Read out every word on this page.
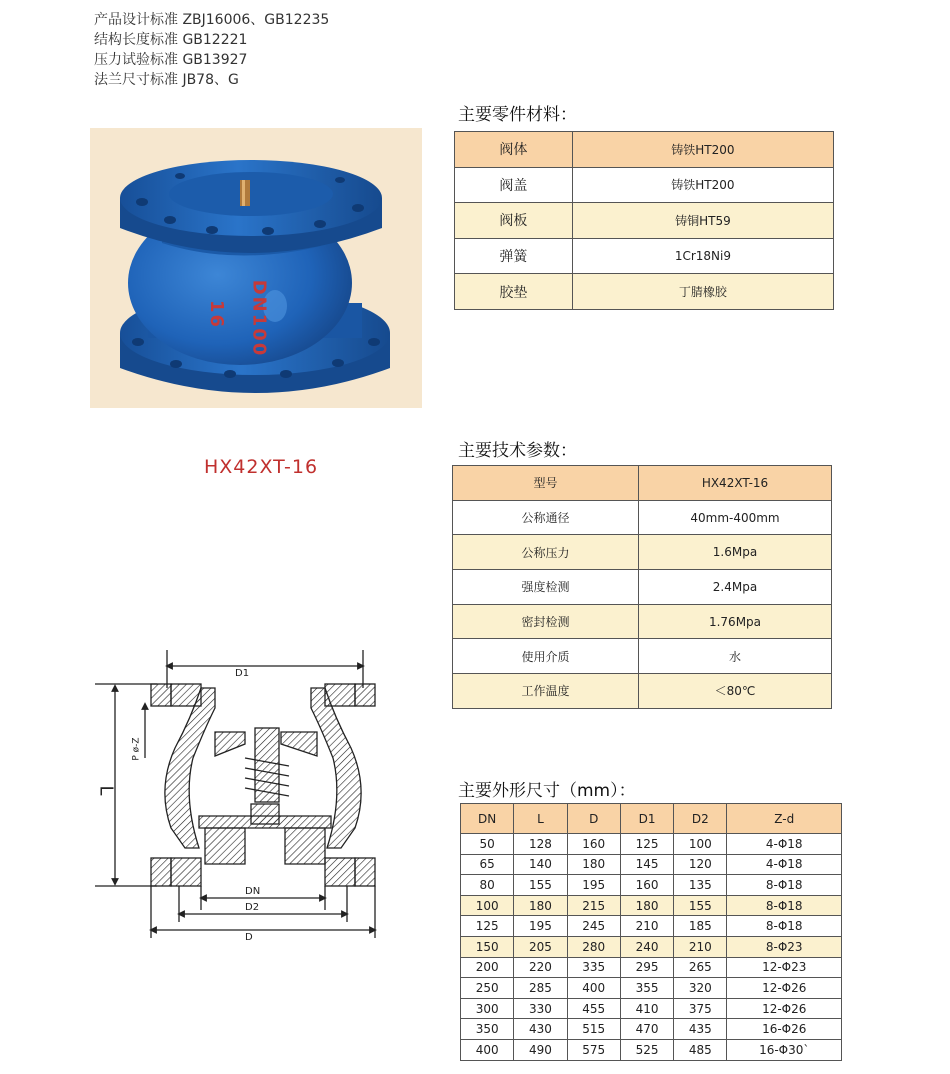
产品设计标准 ZBJ16006、GB12235
结构长度标准 GB12221
压力试验标准 GB13927
法兰尺寸标准 JB78、G
16 DN100
HX42XT-16
主要零件材料：
阀体	铸铁HT200
阀盖	铸铁HT200
阀板	铸铜HT59
弹簧	1Cr18Ni9
胶垫	丁腈橡胶
主要技术参数：
型号	HX42XT-16
公称通径	40mm-400mm
公称压力	1.6Mpa
强度检测	2.4Mpa
密封检测	1.76Mpa
使用介质	水
工作温度	＜80℃
D1
L
P ø-Z
DN
D2
D
主要外形尺寸（mm）：
DN	L	D	D1	D2	Z-d
50	128	160	125	100	4-Φ18
65	140	180	145	120	4-Φ18
80	155	195	160	135	8-Φ18
100	180	215	180	155	8-Φ18
125	195	245	210	185	8-Φ18
150	205	280	240	210	8-Φ23
200	220	335	295	265	12-Φ23
250	285	400	355	320	12-Φ26
300	330	455	410	375	12-Φ26
350	430	515	470	435	16-Φ26
400	490	575	525	485	16-Φ30`
